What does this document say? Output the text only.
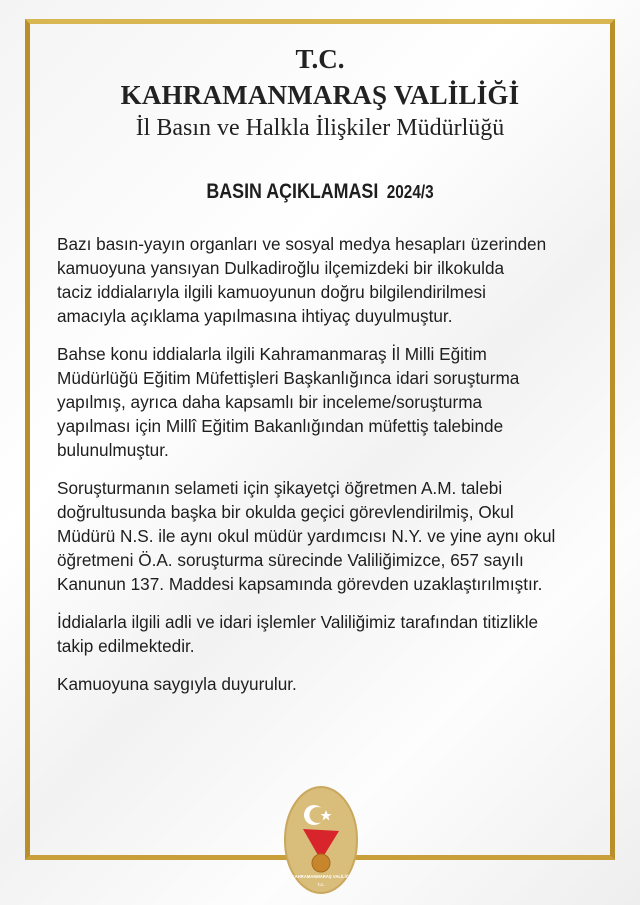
T.C.
KAHRAMANMARAŞ VALİLİĞİ
İl Basın ve Halkla İlişkiler Müdürlüğü
BASIN AÇIKLAMASI 2024/3
Bazı basın-yayın organları ve sosyal medya hesapları üzerinden
kamuoyuna yansıyan Dulkadiroğlu ilçemizdeki bir ilkokulda
taciz iddialarıyla ilgili kamuoyunun doğru bilgilendirilmesi
amacıyla açıklama yapılmasına ihtiyaç duyulmuştur.
Bahse konu iddialarla ilgili Kahramanmaraş İl Milli Eğitim
Müdürlüğü Eğitim Müfettişleri Başkanlığınca idari soruşturma
yapılmış, ayrıca daha kapsamlı bir inceleme/soruşturma
yapılması için Millî Eğitim Bakanlığından müfettiş talebinde
bulunulmuştur.
Soruşturmanın selameti için şikayetçi öğretmen A.M. talebi
doğrultusunda başka bir okulda geçici görevlendirilmiş, Okul
Müdürü N.S. ile aynı okul müdür yardımcısı N.Y. ve yine aynı okul
öğretmeni Ö.A. soruşturma sürecinde Valiliğimizce, 657 sayılı
Kanunun 137. Maddesi kapsamında görevden uzaklaştırılmıştır.
İddialarla ilgili adli ve idari işlemler Valiliğimiz tarafından titizlikle
takip edilmektedir.
Kamuoyuna saygıyla duyurulur.
KAHRAMANMARAŞ VALİLİĞİ
T.C.
